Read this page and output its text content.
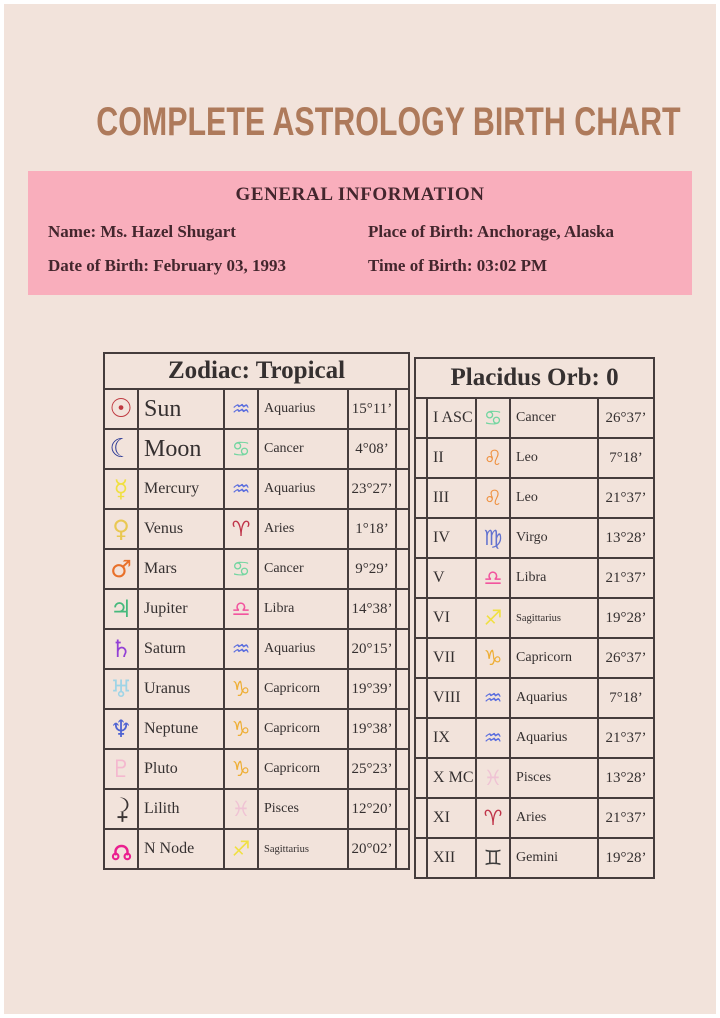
COMPLETE ASTROLOGY BIRTH CHART
GENERAL INFORMATION
Name: Ms. Hazel Shugart	Place of Birth: Anchorage, Alaska
Date of Birth: February 03, 1993	Time of Birth: 03:02 PM
Zodiac: Tropical					
☉	Sun	♒	Aquarius	15°11’	
☾	Moon	♋	Cancer	4°08’	
☿	Mercury	♒	Aquarius	23°27’	
♀	Venus	♈	Aries	1°18’	
♂	Mars	♋	Cancer	9°29’	
♃	Jupiter	♎	Libra	14°38’	
♄	Saturn	♒	Aquarius	20°15’	
♅	Uranus	♑	Capricorn	19°39’	
♆	Neptune	♑	Capricorn	19°38’	
♇	Pluto	♑	Capricorn	25°23’	
	Lilith	♓	Pisces	12°20’	
	N Node	♐	Sagittarius	20°02’	
Placidus Orb: 0				
	I ASC	♋	Cancer	26°37’
	II	♌	Leo	7°18’
	III	♌	Leo	21°37’
	IV	♍	Virgo	13°28’
	V	♎	Libra	21°37’
	VI	♐	Sagittarius	19°28’
	VII	♑	Capricorn	26°37’
	VIII	♒	Aquarius	7°18’
	IX	♒	Aquarius	21°37’
	X MC	♓	Pisces	13°28’
	XI	♈	Aries	21°37’
	XII	♊	Gemini	19°28’
